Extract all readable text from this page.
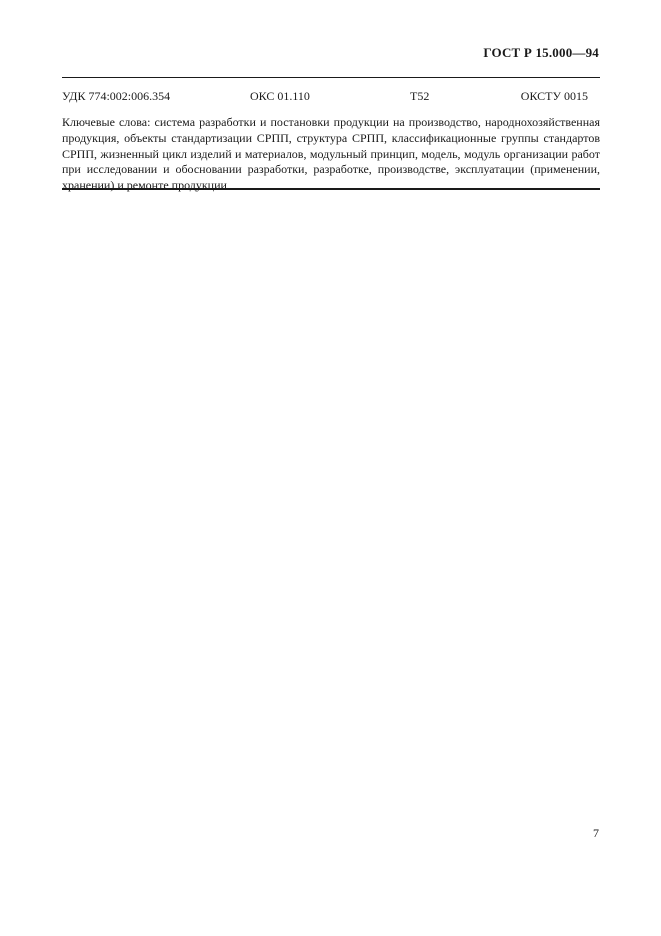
ГОСТ Р 15.000—94
УДК 774:002:006.354	ОКС 01.110	Т52	ОКСТУ 0015

Ключевые слова: система разработки и постановки продукции на производство, народнохозяйственная продукция, объекты стандартизации СРПП, структура СРПП, классификационные группы стандартов СРПП, жизненный цикл изделий и материалов, модульный принцип, модель, модуль организации работ при исследовании и обосновании разработки, разработке, производстве, эксплуатации (применении, хранении) и ремонте продукции

7
